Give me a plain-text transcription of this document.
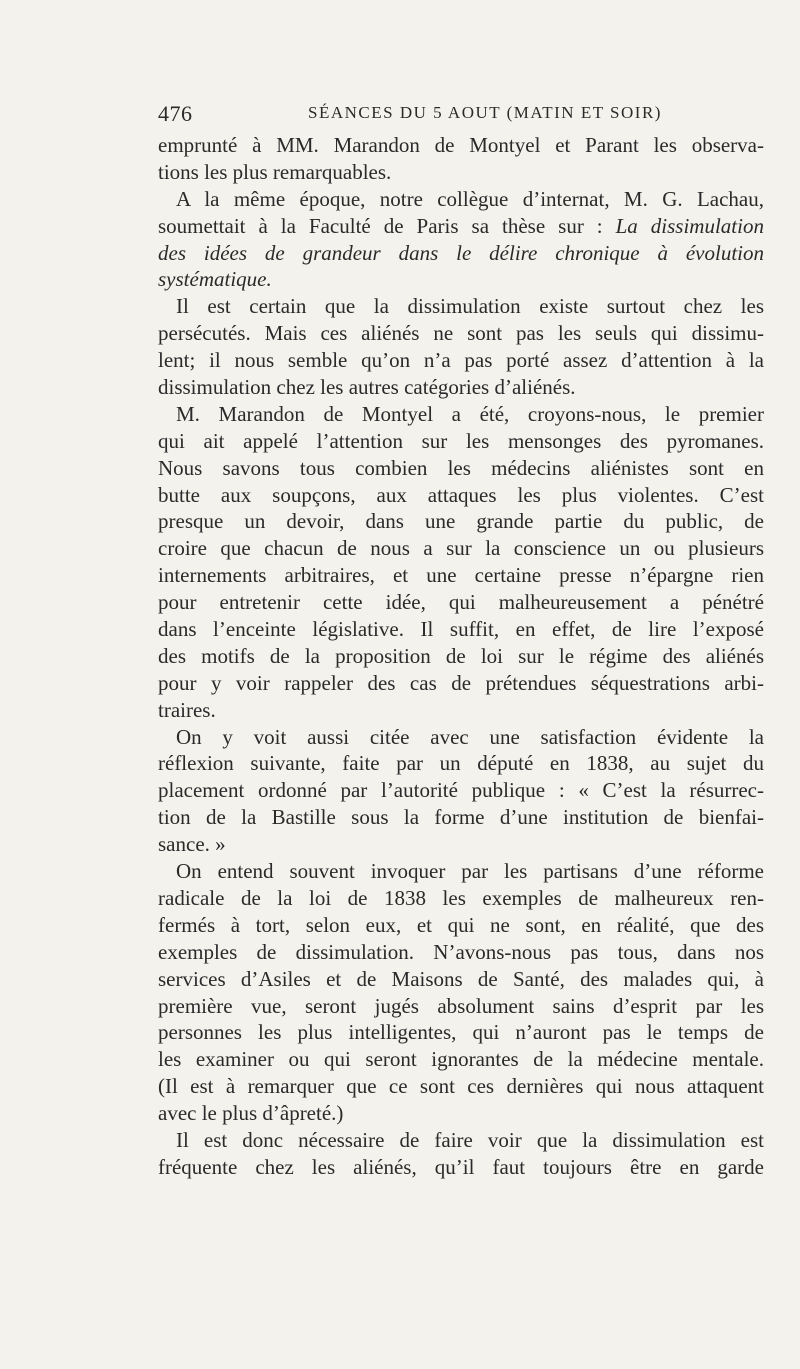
476	SÉANCES DU 5 AOUT (MATIN ET SOIR)
emprunté à MM. Marandon de Montyel et Parant les observa-
tions les plus remarquables.
A la même époque, notre collègue d’internat, M. G. Lachau,
soumettait à la Faculté de Paris sa thèse sur : La dissimulation
des idées de grandeur dans le délire chronique à évolution
systématique.
Il est certain que la dissimulation existe surtout chez les
persécutés. Mais ces aliénés ne sont pas les seuls qui dissimu-
lent; il nous semble qu’on n’a pas porté assez d’attention à la
dissimulation chez les autres catégories d’aliénés.
M. Marandon de Montyel a été, croyons-nous, le premier
qui ait appelé l’attention sur les mensonges des pyromanes.
Nous savons tous combien les médecins aliénistes sont en
butte aux soupçons, aux attaques les plus violentes. C’est
presque un devoir, dans une grande partie du public, de
croire que chacun de nous a sur la conscience un ou plusieurs
internements arbitraires, et une certaine presse n’épargne rien
pour entretenir cette idée, qui malheureusement a pénétré
dans l’enceinte législative. Il suffit, en effet, de lire l’exposé
des motifs de la proposition de loi sur le régime des aliénés
pour y voir rappeler des cas de prétendues séquestrations arbi-
traires.
On y voit aussi citée avec une satisfaction évidente la
réflexion suivante, faite par un député en 1838, au sujet du
placement ordonné par l’autorité publique : « C’est la résurrec-
tion de la Bastille sous la forme d’une institution de bienfai-
sance. »
On entend souvent invoquer par les partisans d’une réforme
radicale de la loi de 1838 les exemples de malheureux ren-
fermés à tort, selon eux, et qui ne sont, en réalité, que des
exemples de dissimulation. N’avons-nous pas tous, dans nos
services d’Asiles et de Maisons de Santé, des malades qui, à
première vue, seront jugés absolument sains d’esprit par les
personnes les plus intelligentes, qui n’auront pas le temps de
les examiner ou qui seront ignorantes de la médecine mentale.
(Il est à remarquer que ce sont ces dernières qui nous attaquent
avec le plus d’âpreté.)
Il est donc nécessaire de faire voir que la dissimulation est
fréquente chez les aliénés, qu’il faut toujours être en garde
